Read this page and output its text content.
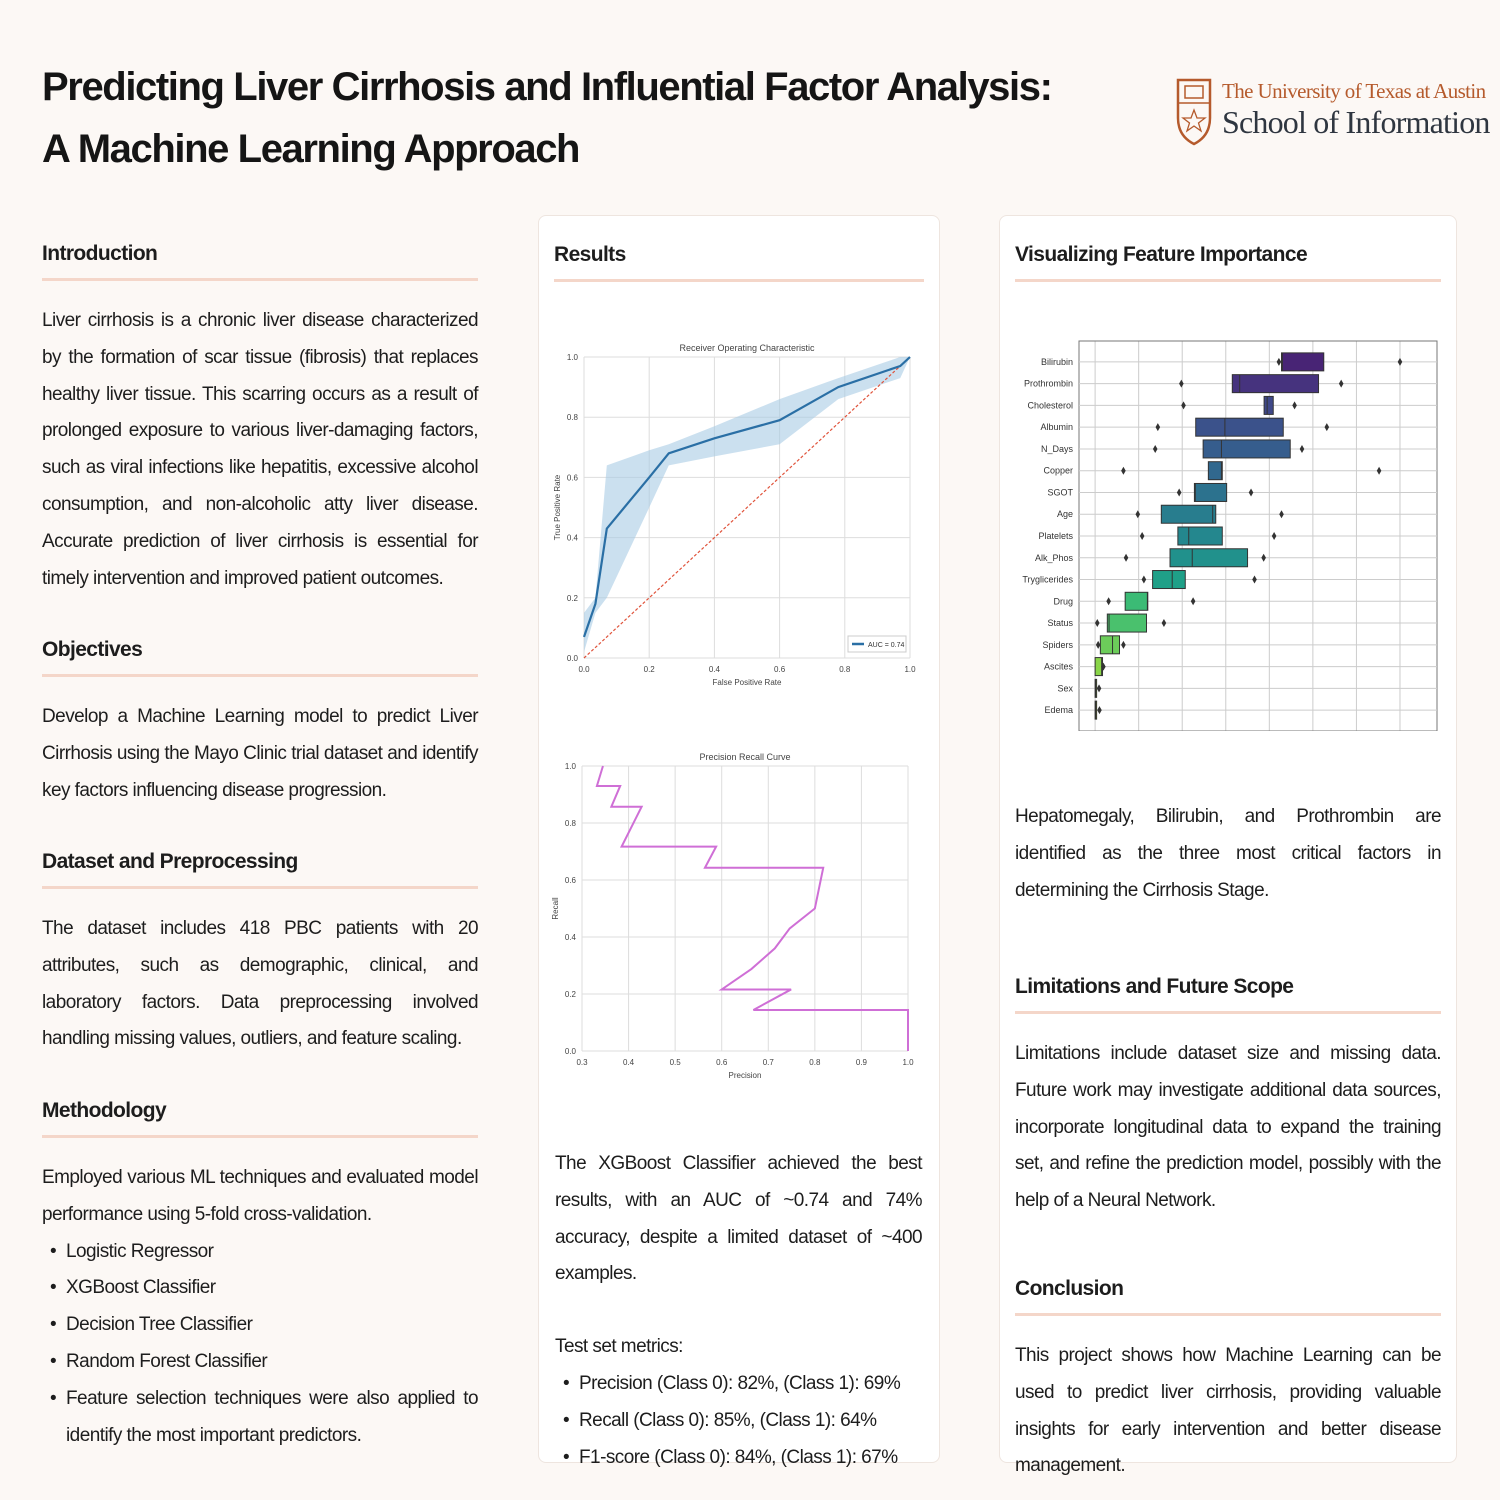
Predicting Liver Cirrhosis and Influential Factor Analysis:
A Machine Learning Approach
The University of Texas at Austin
School of Information
Introduction

Liver cirrhosis is a chronic liver disease characterized by the formation of scar tissue (fibrosis) that replaces healthy liver tissue. This scarring occurs as a result of prolonged exposure to various liver-damaging factors, such as viral infections like hepatitis, excessive alcohol consumption, and non-alcoholic atty liver disease. Accurate prediction of liver cirrhosis is essential for timely intervention and improved patient outcomes.

Objectives

Develop a Machine Learning model to predict Liver Cirrhosis using the Mayo Clinic trial dataset and identify key factors influencing disease progression.

Dataset and Preprocessing

The dataset includes 418 PBC patients with 20 attributes, such as demographic, clinical, and laboratory factors. Data preprocessing involved handling missing values, outliers, and feature scaling.

Methodology

Employed various ML techniques and evaluated model performance using 5-fold cross-validation.

• Logistic Regressor
• XGBoost Classifier
• Decision Tree Classifier
• Random Forest Classifier
• Feature selection techniques were also applied to identify the most important predictors.
Results
Receiver Operating Characteristic
0.0	0.2	0.4	0.6	0.8	1.0
0.0
0.2
0.4
0.6
0.8
1.0
False Positive Rate
True Positive Rate
AUC = 0.74
Precision Recall Curve
0.3	0.4	0.5	0.6	0.7	0.8	0.9	1.0
0.0
0.2
0.4
0.6
0.8
1.0
Precision
Recall

The XGBoost Classifier achieved the best results, with an AUC of ~0.74 and 74% accuracy, despite a limited dataset of ~400 examples.

Test set metrics:

• Precision (Class 0): 82%, (Class 1): 69%
• Recall (Class 0): 85%, (Class 1): 64%
• F1-score (Class 0): 84%, (Class 1): 67%
Visualizing Feature Importance
Bilirubin
Prothrombin
Cholesterol
Albumin
N_Days
Copper
SGOT
Age
Platelets
Alk_Phos
Tryglicerides
Drug
Status
Spiders
Ascites
Sex
Edema

Hepatomegaly, Bilirubin, and Prothrombin are identified as the three most critical factors in determining the Cirrhosis Stage.

Limitations and Future Scope

Limitations include dataset size and missing data. Future work may investigate additional data sources, incorporate longitudinal data to expand the training set, and refine the prediction model, possibly with the help of a Neural Network.

Conclusion

This project shows how Machine Learning can be used to predict liver cirrhosis, providing valuable insights for early intervention and better disease management.
